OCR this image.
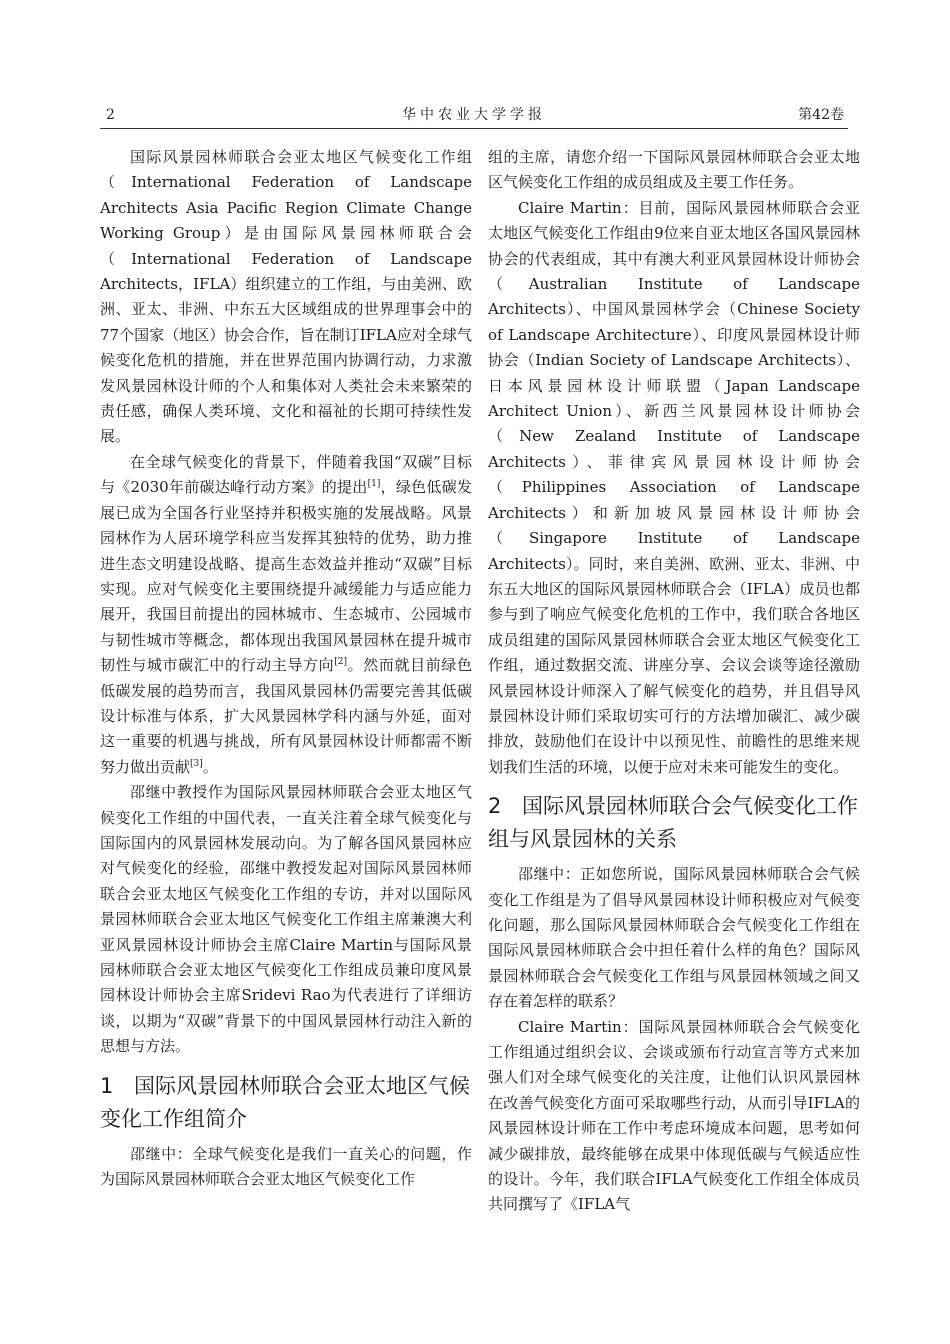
2	华中农业大学学报	第42卷

国际风景园林师联合会亚太地区气候变化工作组（International Federation of Landscape Architects Asia Pacific Region Climate Change Working Group）是由国际风景园林师联合会（International Federation of Landscape Architects，IFLA）组织建立的工作组，与由美洲、欧洲、亚太、非洲、中东五大区域组成的世界理事会中的77个国家（地区）协会合作，旨在制订IFLA应对全球气候变化危机的措施，并在世界范围内协调行动，力求激发风景园林设计师的个人和集体对人类社会未来繁荣的责任感，确保人类环境、文化和福祉的长期可持续性发展。

在全球气候变化的背景下，伴随着我国“双碳”目标与《2030年前碳达峰行动方案》的提出[1]，绿色低碳发展已成为全国各行业坚持并积极实施的发展战略。风景园林作为人居环境学科应当发挥其独特的优势，助力推进生态文明建设战略、提高生态效益并推动“双碳”目标实现。应对气候变化主要围绕提升减缓能力与适应能力展开，我国目前提出的园林城市、生态城市、公园城市与韧性城市等概念，都体现出我国风景园林在提升城市韧性与城市碳汇中的行动主导方向[2]。然而就目前绿色低碳发展的趋势而言，我国风景园林仍需要完善其低碳设计标准与体系，扩大风景园林学科内涵与外延，面对这一重要的机遇与挑战，所有风景园林设计师都需不断努力做出贡献[3]。

邵继中教授作为国际风景园林师联合会亚太地区气候变化工作组的中国代表，一直关注着全球气候变化与国际国内的风景园林发展动向。为了解各国风景园林应对气候变化的经验，邵继中教授发起对国际风景园林师联合会亚太地区气候变化工作组的专访，并对以国际风景园林师联合会亚太地区气候变化工作组主席兼澳大利亚风景园林设计师协会主席Claire Martin与国际风景园林师联合会亚太地区气候变化工作组成员兼印度风景园林设计师协会主席Sridevi Rao为代表进行了详细访谈，以期为“双碳”背景下的中国风景园林行动注入新的思想与方法。

1 国际风景园林师联合会亚太地区气候变化工作组简介

邵继中：全球气候变化是我们一直关心的问题，作为国际风景园林师联合会亚太地区气候变化工作

组的主席，请您介绍一下国际风景园林师联合会亚太地区气候变化工作组的成员组成及主要工作任务。

Claire Martin：目前，国际风景园林师联合会亚太地区气候变化工作组由9位来自亚太地区各国风景园林协会的代表组成，其中有澳大利亚风景园林设计师协会（Australian Institute of Landscape Architects）、中国风景园林学会（Chinese Society of Landscape Architecture）、印度风景园林设计师协会（Indian Society of Landscape Architects）、日本风景园林设计师联盟（Japan Landscape Architect Union）、新西兰风景园林设计师协会（New Zealand Institute of Landscape Architects）、菲律宾风景园林设计师协会（Philippines Association of Landscape Architects）和新加坡风景园林设计师协会（Singapore Institute of Landscape Architects）。同时，来自美洲、欧洲、亚太、非洲、中东五大地区的国际风景园林师联合会（IFLA）成员也都参与到了响应气候变化危机的工作中，我们联合各地区成员组建的国际风景园林师联合会亚太地区气候变化工作组，通过数据交流、讲座分享、会议会谈等途径激励风景园林设计师深入了解气候变化的趋势，并且倡导风景园林设计师们采取切实可行的方法增加碳汇、减少碳排放，鼓励他们在设计中以预见性、前瞻性的思维来规划我们生活的环境，以便于应对未来可能发生的变化。

2 国际风景园林师联合会气候变化工作组与风景园林的关系

邵继中：正如您所说，国际风景园林师联合会气候变化工作组是为了倡导风景园林设计师积极应对气候变化问题，那么国际风景园林师联合会气候变化工作组在国际风景园林师联合会中担任着什么样的角色？国际风景园林师联合会气候变化工作组与风景园林领域之间又存在着怎样的联系？

Claire Martin：国际风景园林师联合会气候变化工作组通过组织会议、会谈或颁布行动宣言等方式来加强人们对全球气候变化的关注度，让他们认识风景园林在改善气候变化方面可采取哪些行动，从而引导IFLA的风景园林设计师在工作中考虑环境成本问题，思考如何减少碳排放，最终能够在成果中体现低碳与气候适应性的设计。今年，我们联合IFLA气候变化工作组全体成员共同撰写了《IFLA气
